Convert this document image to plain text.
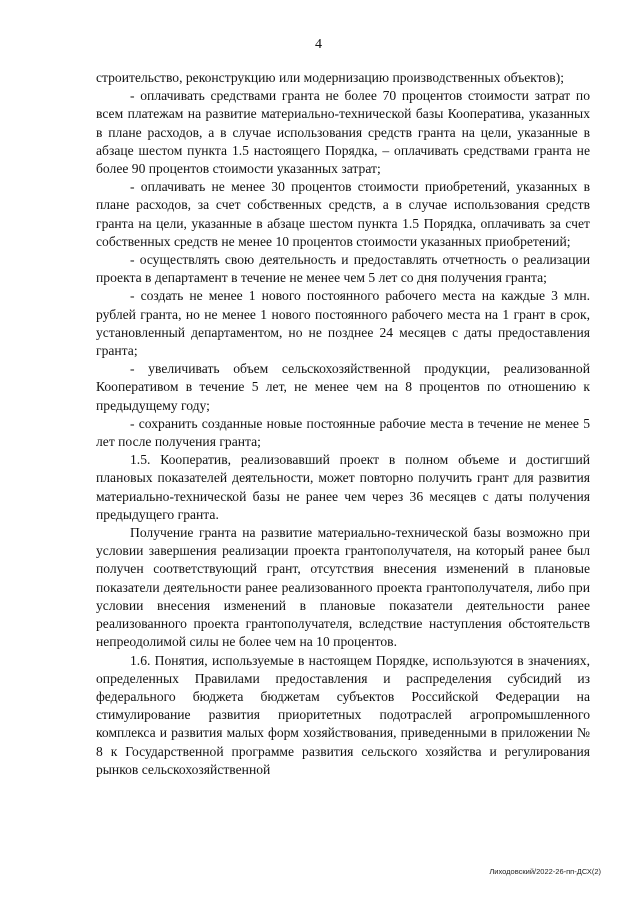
4

строительство, реконструкцию или модернизацию производственных объектов);

- оплачивать средствами гранта не более 70 процентов стоимости затрат по всем платежам на развитие материально-технической базы Кооператива, указанных в плане расходов, а в случае использования средств гранта на цели, указанные в абзаце шестом пункта 1.5 настоящего Порядка, – оплачивать средствами гранта не более 90 процентов стоимости указанных затрат;

- оплачивать не менее 30 процентов стоимости приобретений, указанных в плане расходов, за счет собственных средств, а в случае использования средств гранта на цели, указанные в абзаце шестом пункта 1.5 Порядка, оплачивать за счет собственных средств не менее 10 процентов стоимости указанных приобретений;

- осуществлять свою деятельность и предоставлять отчетность о реализации проекта в департамент в течение не менее чем 5 лет со дня получения гранта;

- создать не менее 1 нового постоянного рабочего места на каждые 3 млн. рублей гранта, но не менее 1 нового постоянного рабочего места на 1 грант в срок, установленный департаментом, но не позднее 24 месяцев с даты предоставления гранта;

- увеличивать объем сельскохозяйственной продукции, реализованной Кооперативом в течение 5 лет, не менее чем на 8 процентов по отношению к предыдущему году;

- сохранить созданные новые постоянные рабочие места в течение не менее 5 лет после получения гранта;

1.5. Кооператив, реализовавший проект в полном объеме и достигший плановых показателей деятельности, может повторно получить грант для развития материально-технической базы не ранее чем через 36 месяцев с даты получения предыдущего гранта.

Получение гранта на развитие материально-технической базы возможно при условии завершения реализации проекта грантополучателя, на который ранее был получен соответствующий грант, отсутствия внесения изменений в плановые показатели деятельности ранее реализованного проекта грантополучателя, либо при условии внесения изменений в плановые показатели деятельности ранее реализованного проекта грантополучателя, вследствие наступления обстоятельств непреодолимой силы не более чем на 10 процентов.

1.6. Понятия, используемые в настоящем Порядке, используются в значениях, определенных Правилами предоставления и распределения субсидий из федерального бюджета бюджетам субъектов Российской Федерации на стимулирование развития приоритетных подотраслей агропромышленного комплекса и развития малых форм хозяйствования, приведенными в приложении № 8 к Государственной программе развития сельского хозяйства и регулирования рынков сельскохозяйственной

Лиходовский/2022-26-пп-ДСХ(2)
